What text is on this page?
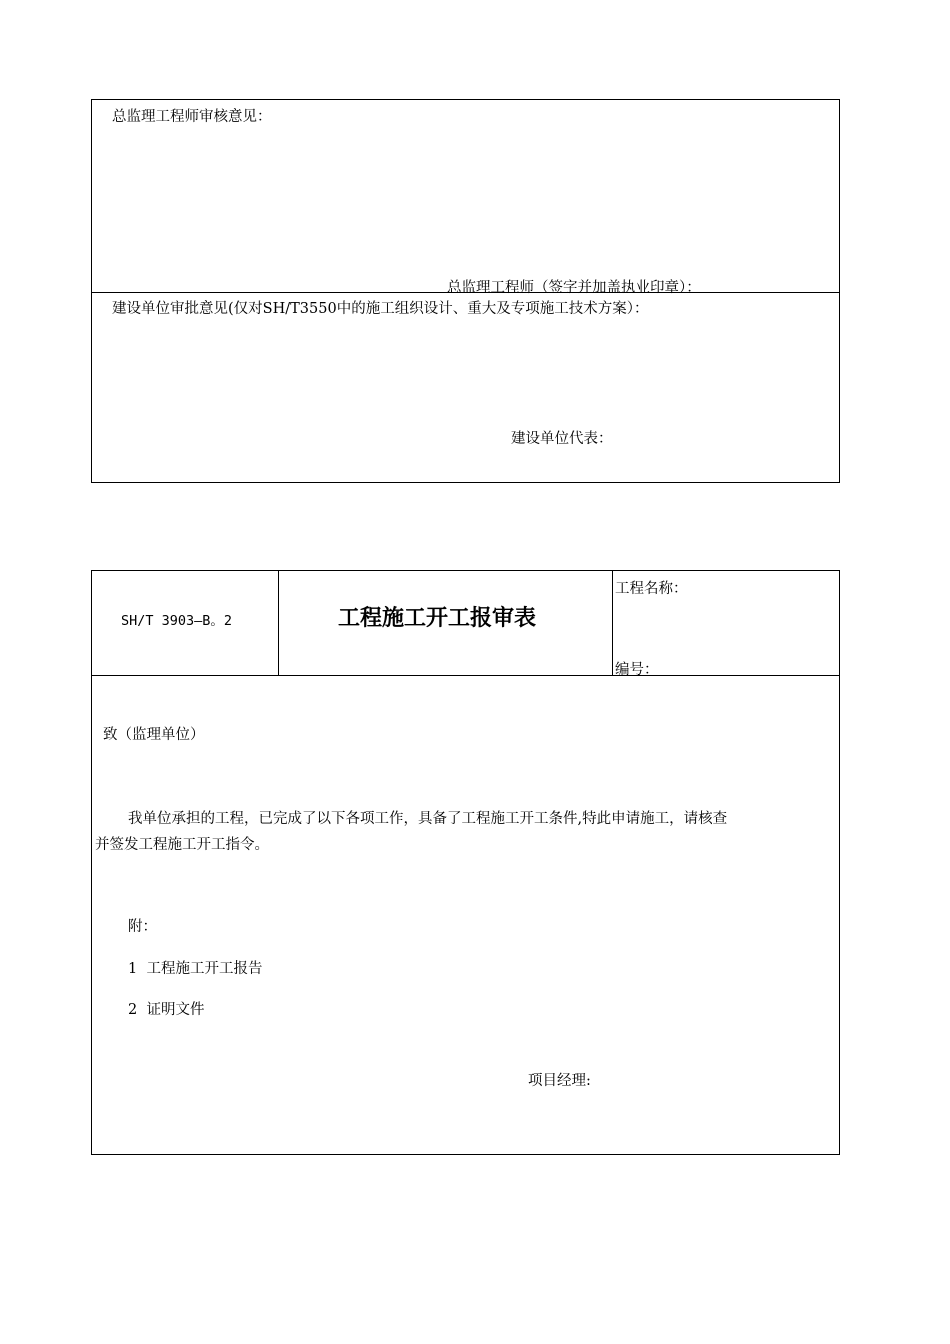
总监理工程师审核意见：
总监理工程师（签字并加盖执业印章）：
建设单位审批意见(仅对SH/T3550中的施工组织设计、重大及专项施工技术方案）：
建设单位代表：
SH/T 3903—B。2	工程施工开工报审表
工程名称：
编号：
致（监理单位）
我单位承担的工程，已完成了以下各项工作，具备了工程施工开工条件,特此申请施工，请核查
并签发工程施工开工指令。
附：
1  工程施工开工报告
2  证明文件
项目经理:
